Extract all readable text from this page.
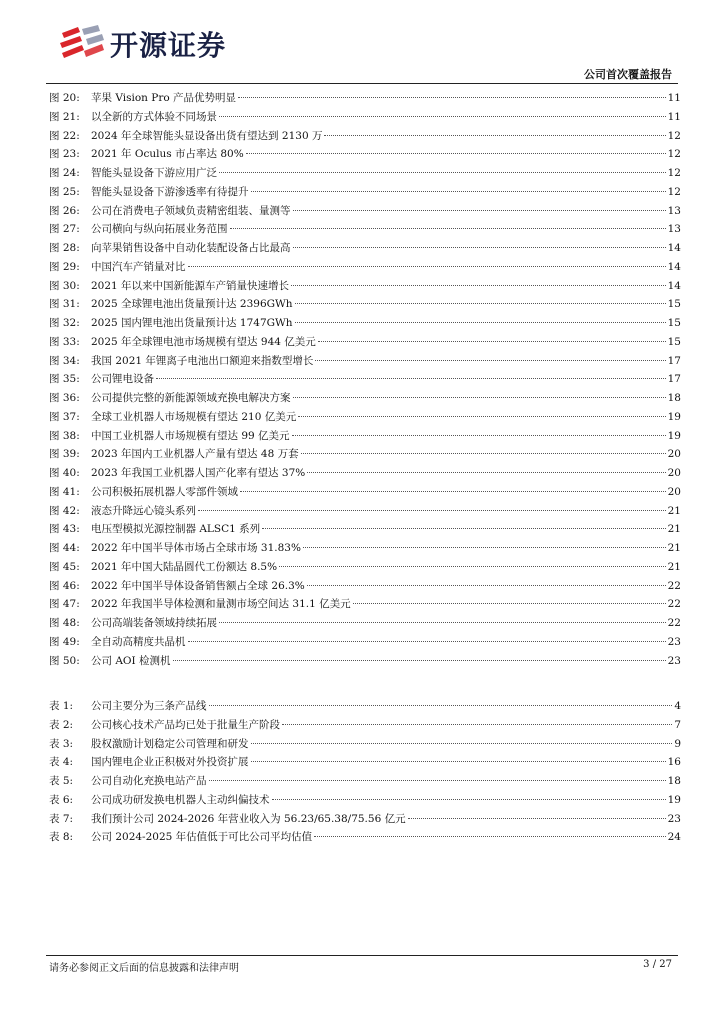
开源证券
公司首次覆盖报告
图 20:	苹果 Vision Pro 产品优势明显	11
图 21:	以全新的方式体验不同场景	11
图 22:	2024 年全球智能头显设备出货有望达到 2130 万	12
图 23:	2021 年 Oculus 市占率达 80%	12
图 24:	智能头显设备下游应用广泛	12
图 25:	智能头显设备下游渗透率有待提升	12
图 26:	公司在消费电子领域负责精密组装、量测等	13
图 27:	公司横向与纵向拓展业务范围	13
图 28:	向苹果销售设备中自动化装配设备占比最高	14
图 29:	中国汽车产销量对比	14
图 30:	2021 年以来中国新能源车产销量快速增长	14
图 31:	2025 全球锂电池出货量预计达 2396GWh	15
图 32:	2025 国内锂电池出货量预计达 1747GWh	15
图 33:	2025 年全球锂电池市场规模有望达 944 亿美元	15
图 34:	我国 2021 年锂离子电池出口额迎来指数型增长	17
图 35:	公司锂电设备	17
图 36:	公司提供完整的新能源领域充换电解决方案	18
图 37:	全球工业机器人市场规模有望达 210 亿美元	19
图 38:	中国工业机器人市场规模有望达 99 亿美元	19
图 39:	2023 年国内工业机器人产量有望达 48 万套	20
图 40:	2023 年我国工业机器人国产化率有望达 37%	20
图 41:	公司积极拓展机器人零部件领域	20
图 42:	液态升降远心镜头系列	21
图 43:	电压型模拟光源控制器 ALSC1 系列	21
图 44:	2022 年中国半导体市场占全球市场 31.83%	21
图 45:	2021 年中国大陆晶圆代工份额达 8.5%	21
图 46:	2022 年中国半导体设备销售额占全球 26.3%	22
图 47:	2022 年我国半导体检测和量测市场空间达 31.1 亿美元	22
图 48:	公司高端装备领域持续拓展	22
图 49:	全自动高精度共晶机	23
图 50:	公司 AOI 检测机	23
表 1:	公司主要分为三条产品线	4
表 2:	公司核心技术产品均已处于批量生产阶段	7
表 3:	股权激励计划稳定公司管理和研发	9
表 4:	国内锂电企业正积极对外投资扩展	16
表 5:	公司自动化充换电站产品	18
表 6:	公司成功研发换电机器人主动纠偏技术	19
表 7:	我们预计公司 2024-2026 年营业收入为 56.23/65.38/75.56 亿元	23
表 8:	公司 2024-2025 年估值低于可比公司平均估值	24
请务必参阅正文后面的信息披露和法律声明	3 / 27
